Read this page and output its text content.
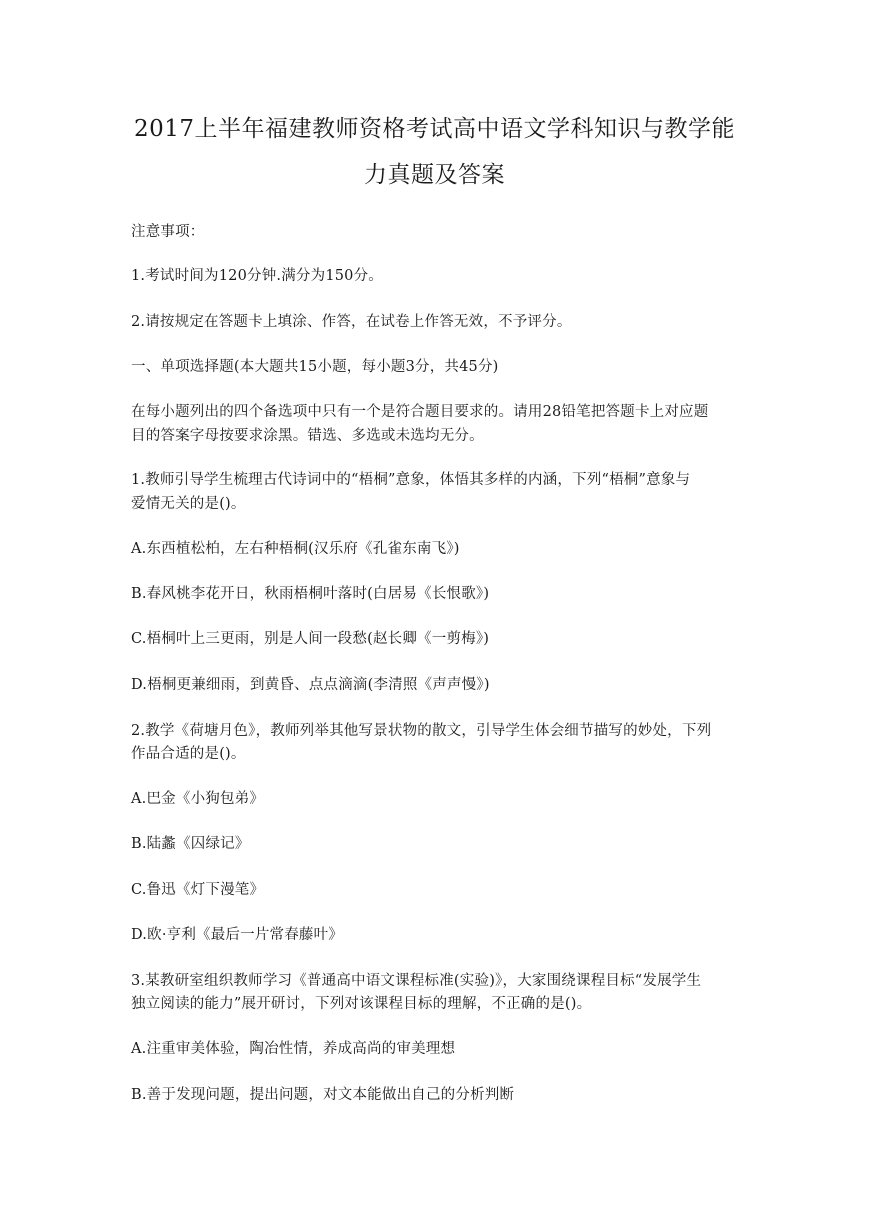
2017上半年福建教师资格考试高中语文学科知识与教学能
力真题及答案
注意事项：
1.考试时间为120分钟.满分为150分。
2.请按规定在答题卡上填涂、作答，在试卷上作答无效，不予评分。
一、单项选择题(本大题共15小题，每小题3分，共45分)
在每小题列出的四个备选项中只有一个是符合题目要求的。请用28铅笔把答题卡上对应题
目的答案字母按要求涂黑。错选、多选或未选均无分。
1.教师引导学生梳理古代诗词中的“梧桐”意象，体悟其多样的内涵，下列“梧桐”意象与
爱情无关的是()。
A.东西植松柏，左右种梧桐(汉乐府《孔雀东南飞》)
B.春风桃李花开日，秋雨梧桐叶落时(白居易《长恨歌》)
C.梧桐叶上三更雨，别是人间一段愁(赵长卿《一剪梅》)
D.梧桐更兼细雨，到黄昏、点点滴滴(李清照《声声慢》)
2.教学《荷塘月色》，教师列举其他写景状物的散文，引导学生体会细节描写的妙处，下列
作品合适的是()。
A.巴金《小狗包弟》
B.陆蠡《囚绿记》
C.鲁迅《灯下漫笔》
D.欧·亨利《最后一片常春藤叶》
3.某教研室组织教师学习《普通高中语文课程标准(实验)》，大家围绕课程目标“发展学生
独立阅读的能力”展开研讨，下列对该课程目标的理解，不正确的是()。
A.注重审美体验，陶冶性情，养成高尚的审美理想
B.善于发现问题，提出问题，对文本能做出自己的分析判断
